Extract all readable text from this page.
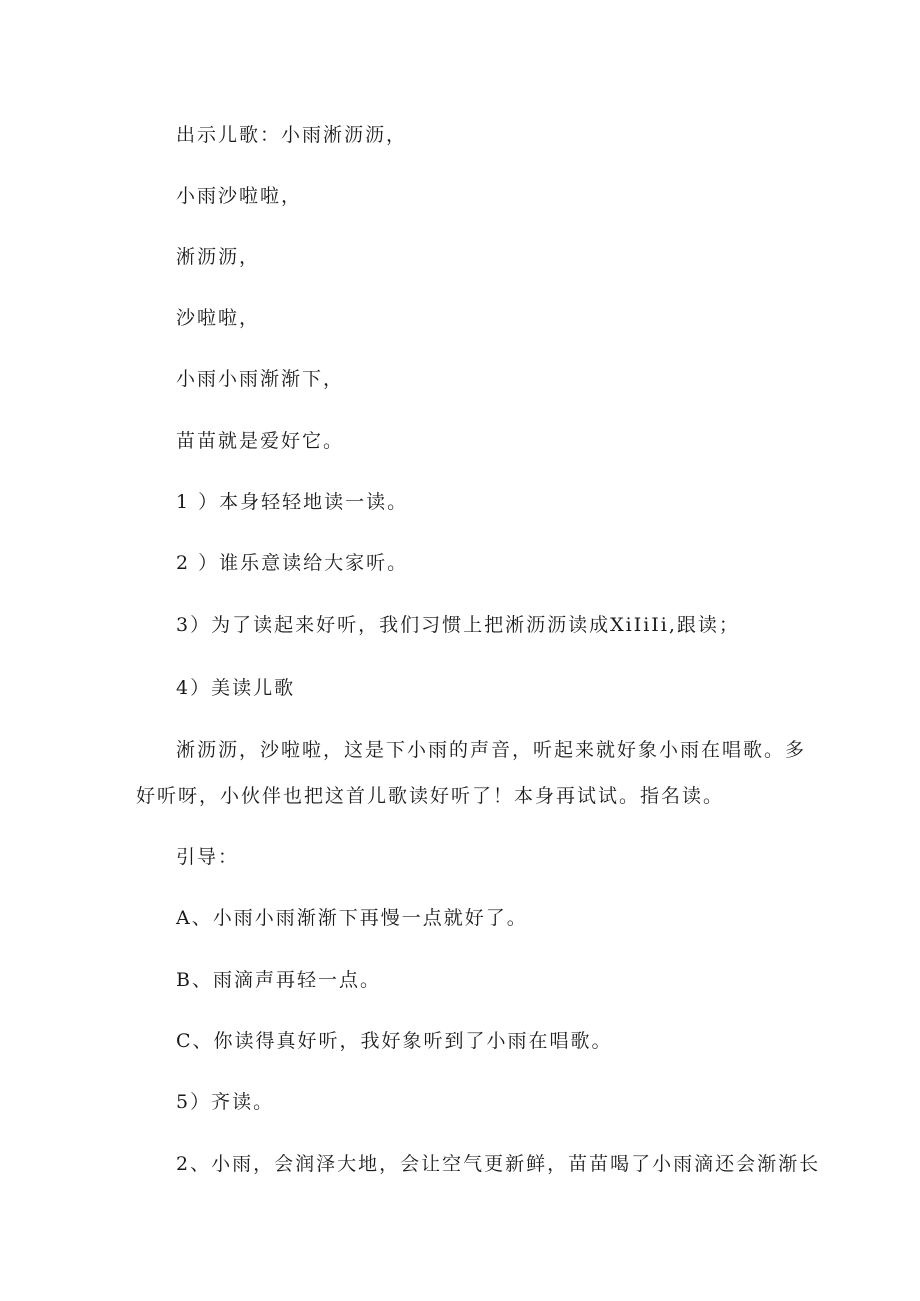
出示儿歌：小雨淅沥沥，
小雨沙啦啦，
淅沥沥，
沙啦啦，
小雨小雨渐渐下，
苗苗就是爱好它。
1 ）本身轻轻地读一读。
2 ）谁乐意读给大家听。
3）为了读起来好听，我们习惯上把淅沥沥读成XiIiIi,跟读；
4）美读儿歌
淅沥沥，沙啦啦，这是下小雨的声音，听起来就好象小雨在唱歌。多
好听呀，小伙伴也把这首儿歌读好听了！本身再试试。指名读。
引导：
A、小雨小雨渐渐下再慢一点就好了。
B、雨滴声再轻一点。
C、你读得真好听，我好象听到了小雨在唱歌。
5）齐读。
2、小雨，会润泽大地，会让空气更新鲜，苗苗喝了小雨滴还会渐渐长
